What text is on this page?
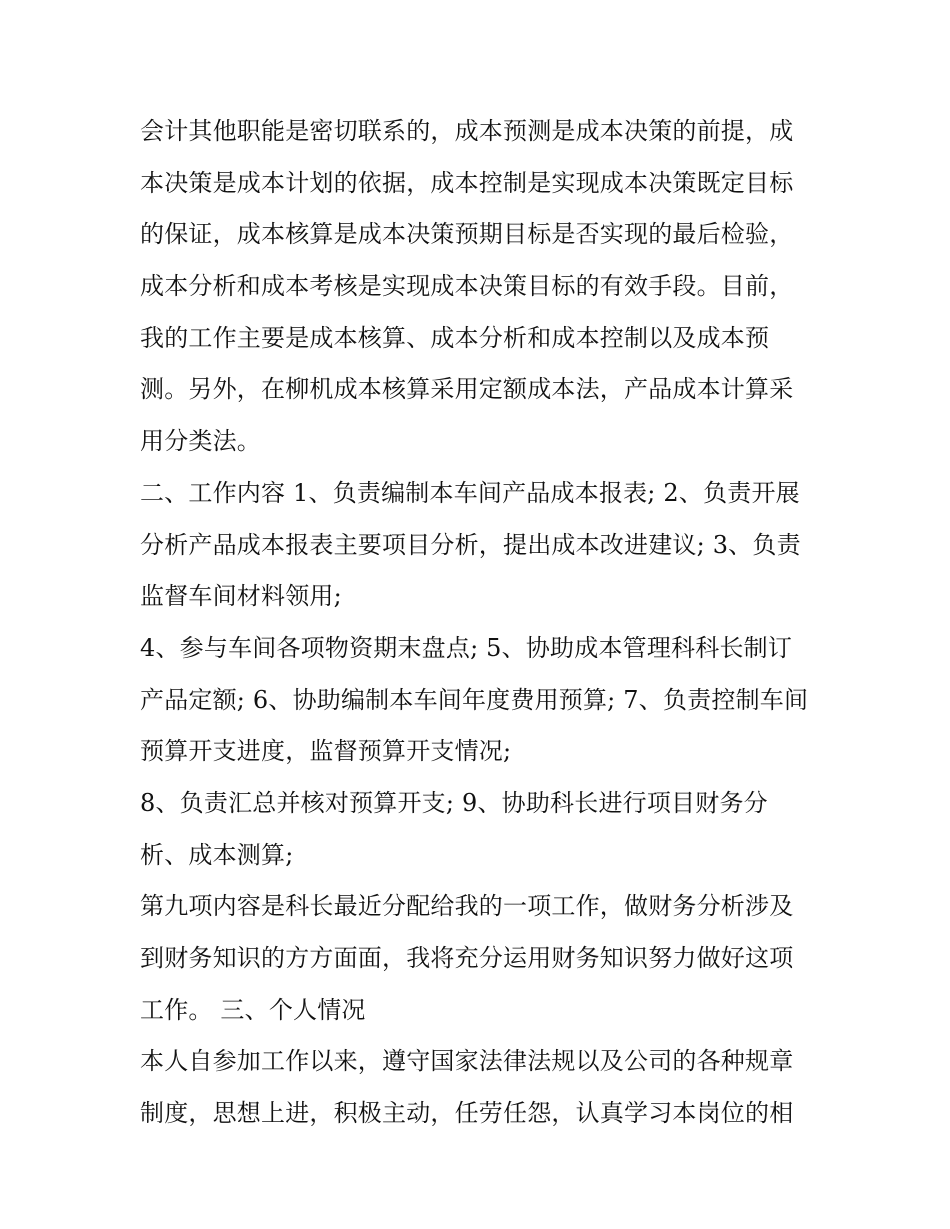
会计其他职能是密切联系的，成本预测是成本决策的前提，成
本决策是成本计划的依据，成本控制是实现成本决策既定目标
的保证，成本核算是成本决策预期目标是否实现的最后检验，
成本分析和成本考核是实现成本决策目标的有效手段。目前，
我的工作主要是成本核算、成本分析和成本控制以及成本预
测。另外，在柳机成本核算采用定额成本法，产品成本计算采
用分类法。
二、工作内容 1、负责编制本车间产品成本报表; 2、负责开展
分析产品成本报表主要项目分析，提出成本改进建议; 3、负责
监督车间材料领用;
4、参与车间各项物资期末盘点; 5、协助成本管理科科长制订
产品定额; 6、协助编制本车间年度费用预算; 7、负责控制车间
预算开支进度，监督预算开支情况;
8、负责汇总并核对预算开支; 9、协助科长进行项目财务分
析、成本测算;
第九项内容是科长最近分配给我的一项工作，做财务分析涉及
到财务知识的方方面面，我将充分运用财务知识努力做好这项
工作。 三、个人情况
本人自参加工作以来，遵守国家法律法规以及公司的各种规章
制度，思想上进，积极主动，任劳任怨，认真学习本岗位的相
